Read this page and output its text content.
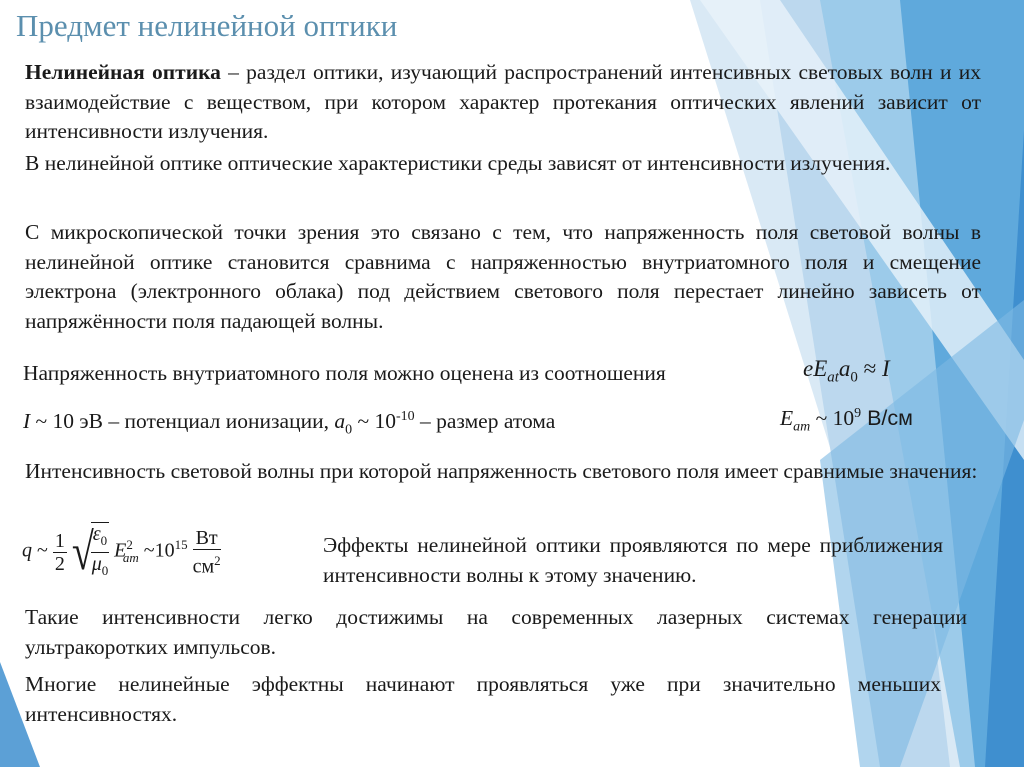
Предмет нелинейной оптики

Нелинейная оптика – раздел оптики, изучающий распространений интенсивных световых волн и их взаимодействие с веществом, при котором характер протекания оптических явлений зависит от интенсивности излучения.

В нелинейной оптике оптические характеристики среды зависят от интенсивности излучения.

С микроскопической точки зрения это связано с тем, что напряженность поля световой волны в нелинейной оптике становится сравнима с напряженностью внутриатомного поля и смещение электрона (электронного облака) под действием светового поля перестает линейно зависеть от напряжённости поля падающей волны.

Напряженность внутриатомного поля можно оценена из соотношения	$eE_{at}a_0 \approx I$
I ~ 10 эВ – потенциал ионизации, $a_0$ ~ $10^{-10}$ – размер атома	$E_{ат}$ ~ $10^9$ В/см

Интенсивность световой волны при которой напряженность светового поля имеет сравнимые значения:

q ~ $\frac{1}{2}$ √
$\frac{\varepsilon_0}{\mu_0} E^2_{ат}$ $\sim 10^{15} \frac{Вт}{см^2}$	Эффекты нелинейной оптики проявляются по мере приближения интенсивности волны к этому значению.

Такие интенсивности легко достижимы на современных лазерных системах генерации ультракоротких импульсов.

Многие нелинейные эффектны начинают проявляться уже при значительно меньших интенсивностях.
